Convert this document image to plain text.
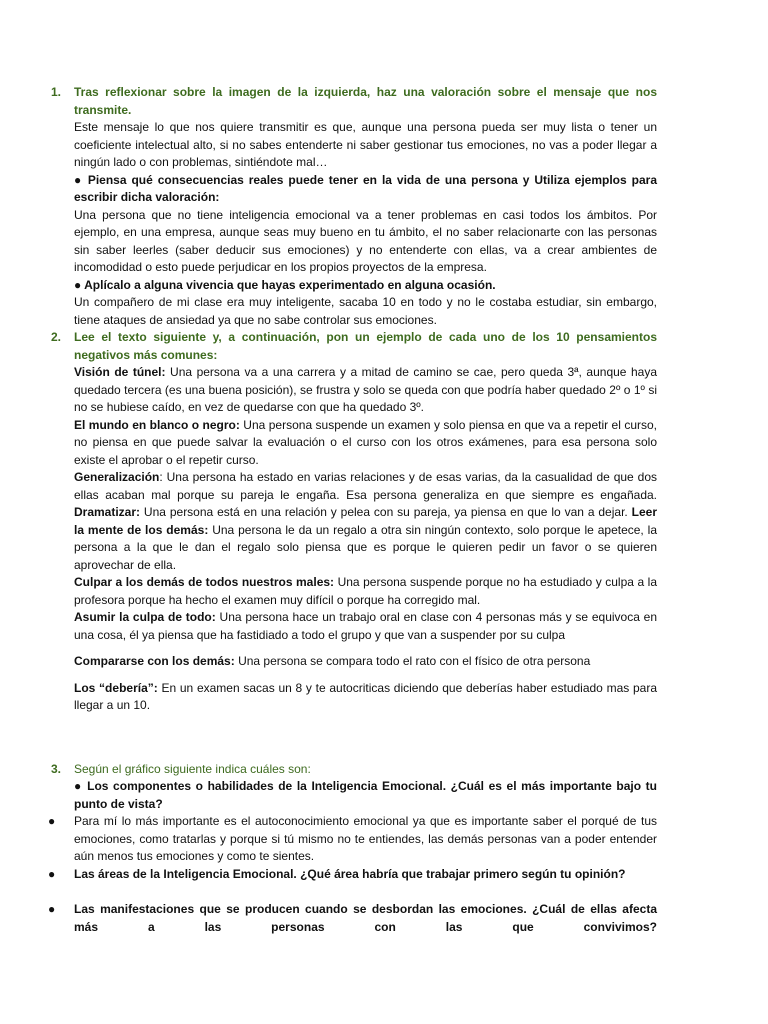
1.	Tras reflexionar sobre la imagen de la izquierda, haz una valoración sobre el mensaje que nos transmite.

Este mensaje lo que nos quiere transmitir es que, aunque una persona pueda ser muy lista o tener un coeficiente intelectual alto, si no sabes entenderte ni saber gestionar tus emociones, no vas a poder llegar a ningún lado o con problemas, sintiéndote mal…

● Piensa qué consecuencias reales puede tener en la vida de una persona y Utiliza ejemplos para escribir dicha valoración:

Una persona que no tiene inteligencia emocional va a tener problemas en casi todos los ámbitos. Por ejemplo, en una empresa, aunque seas muy bueno en tu ámbito, el no saber relacionarte con las personas sin saber leerles (saber deducir sus emociones) y no entenderte con ellas, va a crear ambientes de incomodidad o esto puede perjudicar en los propios proyectos de la empresa.

● Aplícalo a alguna vivencia que hayas experimentado en alguna ocasión.

Un compañero de mi clase era muy inteligente, sacaba 10 en todo y no le costaba estudiar, sin embargo, tiene ataques de ansiedad ya que no sabe controlar sus emociones.

2.	Lee el texto siguiente y, a continuación, pon un ejemplo de cada uno de los 10 pensamientos negativos más comunes:

Visión de túnel: Una persona va a una carrera y a mitad de camino se cae, pero queda 3ª, aunque haya quedado tercera (es una buena posición), se frustra y solo se queda con que podría haber quedado 2º o 1º si no se hubiese caído, en vez de quedarse con que ha quedado 3º.

El mundo en blanco o negro: Una persona suspende un examen y solo piensa en que va a repetir el curso, no piensa en que puede salvar la evaluación o el curso con los otros exámenes, para esa persona solo existe el aprobar o el repetir curso.

Generalización: Una persona ha estado en varias relaciones y de esas varias, da la casualidad de que dos ellas acaban mal porque su pareja le engaña. Esa persona generaliza en que siempre es engañada.                       Dramatizar: Una persona está en una relación y pelea con su pareja, ya piensa en que lo van a dejar. Leer la mente de los demás: Una persona le da un regalo a otra sin ningún contexto, solo porque le apetece, la persona a la que le dan el regalo solo piensa que es porque le quieren pedir un favor o se quieren aprovechar de ella.

Culpar a los demás de todos nuestros males: Una persona suspende porque no ha estudiado y culpa a la profesora porque ha hecho el examen muy difícil o porque ha corregido mal.

Asumir la culpa de todo: Una persona hace un trabajo oral en clase con 4 personas más y se equivoca en una cosa, él ya piensa que ha fastidiado a todo el grupo y que van a suspender por su culpa

Compararse con los demás: Una persona se compara todo el rato con el físico de otra persona

Los “debería”: En un examen sacas un 8 y te autocriticas diciendo que deberías haber estudiado mas para llegar a un 10.

3.	Según el gráfico siguiente indica cuáles son:

● Los componentes o habilidades de la Inteligencia Emocional. ¿Cuál es el más importante bajo tu punto de vista?

● Para mí lo más importante es el autoconocimiento emocional ya que es importante saber el porqué de tus emociones, como tratarlas y porque si tú mismo no te entiendes, las demás personas van a poder entender aún menos tus emociones y como te sientes.

● Las áreas de la Inteligencia Emocional. ¿Qué área habría que trabajar primero según tu opinión?

● Las manifestaciones que se producen cuando se desbordan las emociones. ¿Cuál de ellas afecta más a las personas con las que convivimos?
